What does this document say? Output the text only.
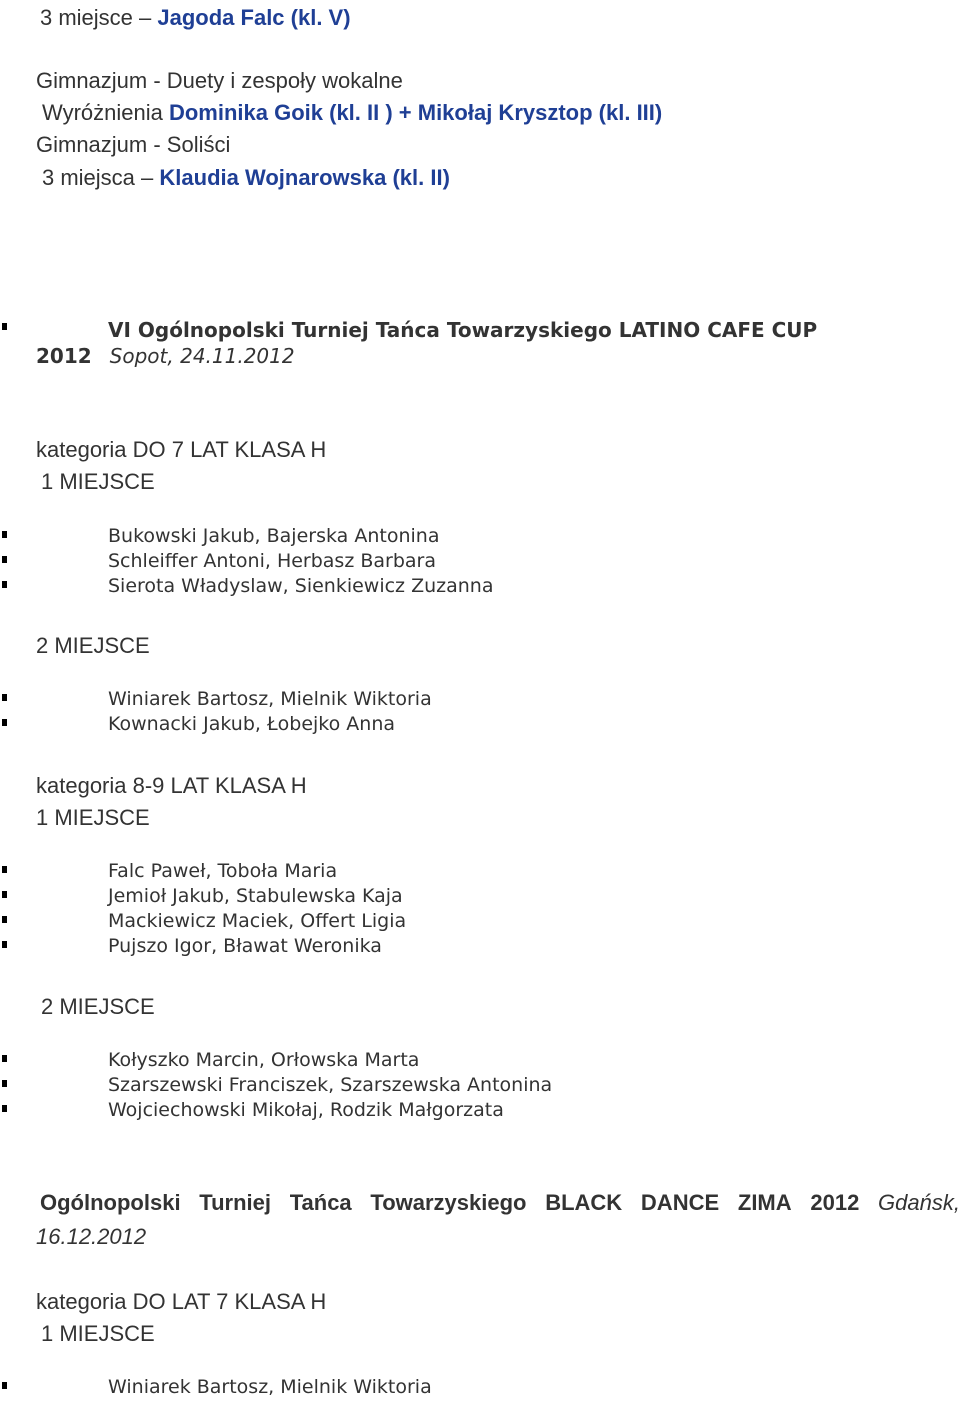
3 miejsce – Jagoda Falc (kl. V)
Gimnazjum - Duety i zespoły wokalne
Wyróżnienia Dominika Goik (kl. II ) + Mikołaj Krysztop (kl. III)
Gimnazjum - Soliści
3 miejsca – Klaudia Wojnarowska (kl. II)
VI Ogólnopolski Turniej Tańca Towarzyskiego LATINO CAFE CUP
2012 Sopot, 24.11.2012
kategoria DO 7 LAT KLASA H
1 MIEJSCE
Bukowski Jakub, Bajerska Antonina
Schleiffer Antoni, Herbasz Barbara
Sierota Władyslaw, Sienkiewicz Zuzanna
2 MIEJSCE
Winiarek Bartosz, Mielnik Wiktoria
Kownacki Jakub, Łobejko Anna
kategoria 8-9 LAT KLASA H
1 MIEJSCE
Falc Paweł, Toboła Maria
Jemioł Jakub, Stabulewska Kaja
Mackiewicz Maciek, Offert Ligia
Pujszo Igor, Bławat Weronika
2 MIEJSCE
Kołyszko Marcin, Orłowska Marta
Szarszewski Franciszek, Szarszewska Antonina
Wojciechowski Mikołaj, Rodzik Małgorzata
Ogólnopolski Turniej Tańca Towarzyskiego BLACK DANCE ZIMA 2012 Gdańsk,
16.12.2012
kategoria DO LAT 7 KLASA H
1 MIEJSCE
Winiarek Bartosz, Mielnik Wiktoria
